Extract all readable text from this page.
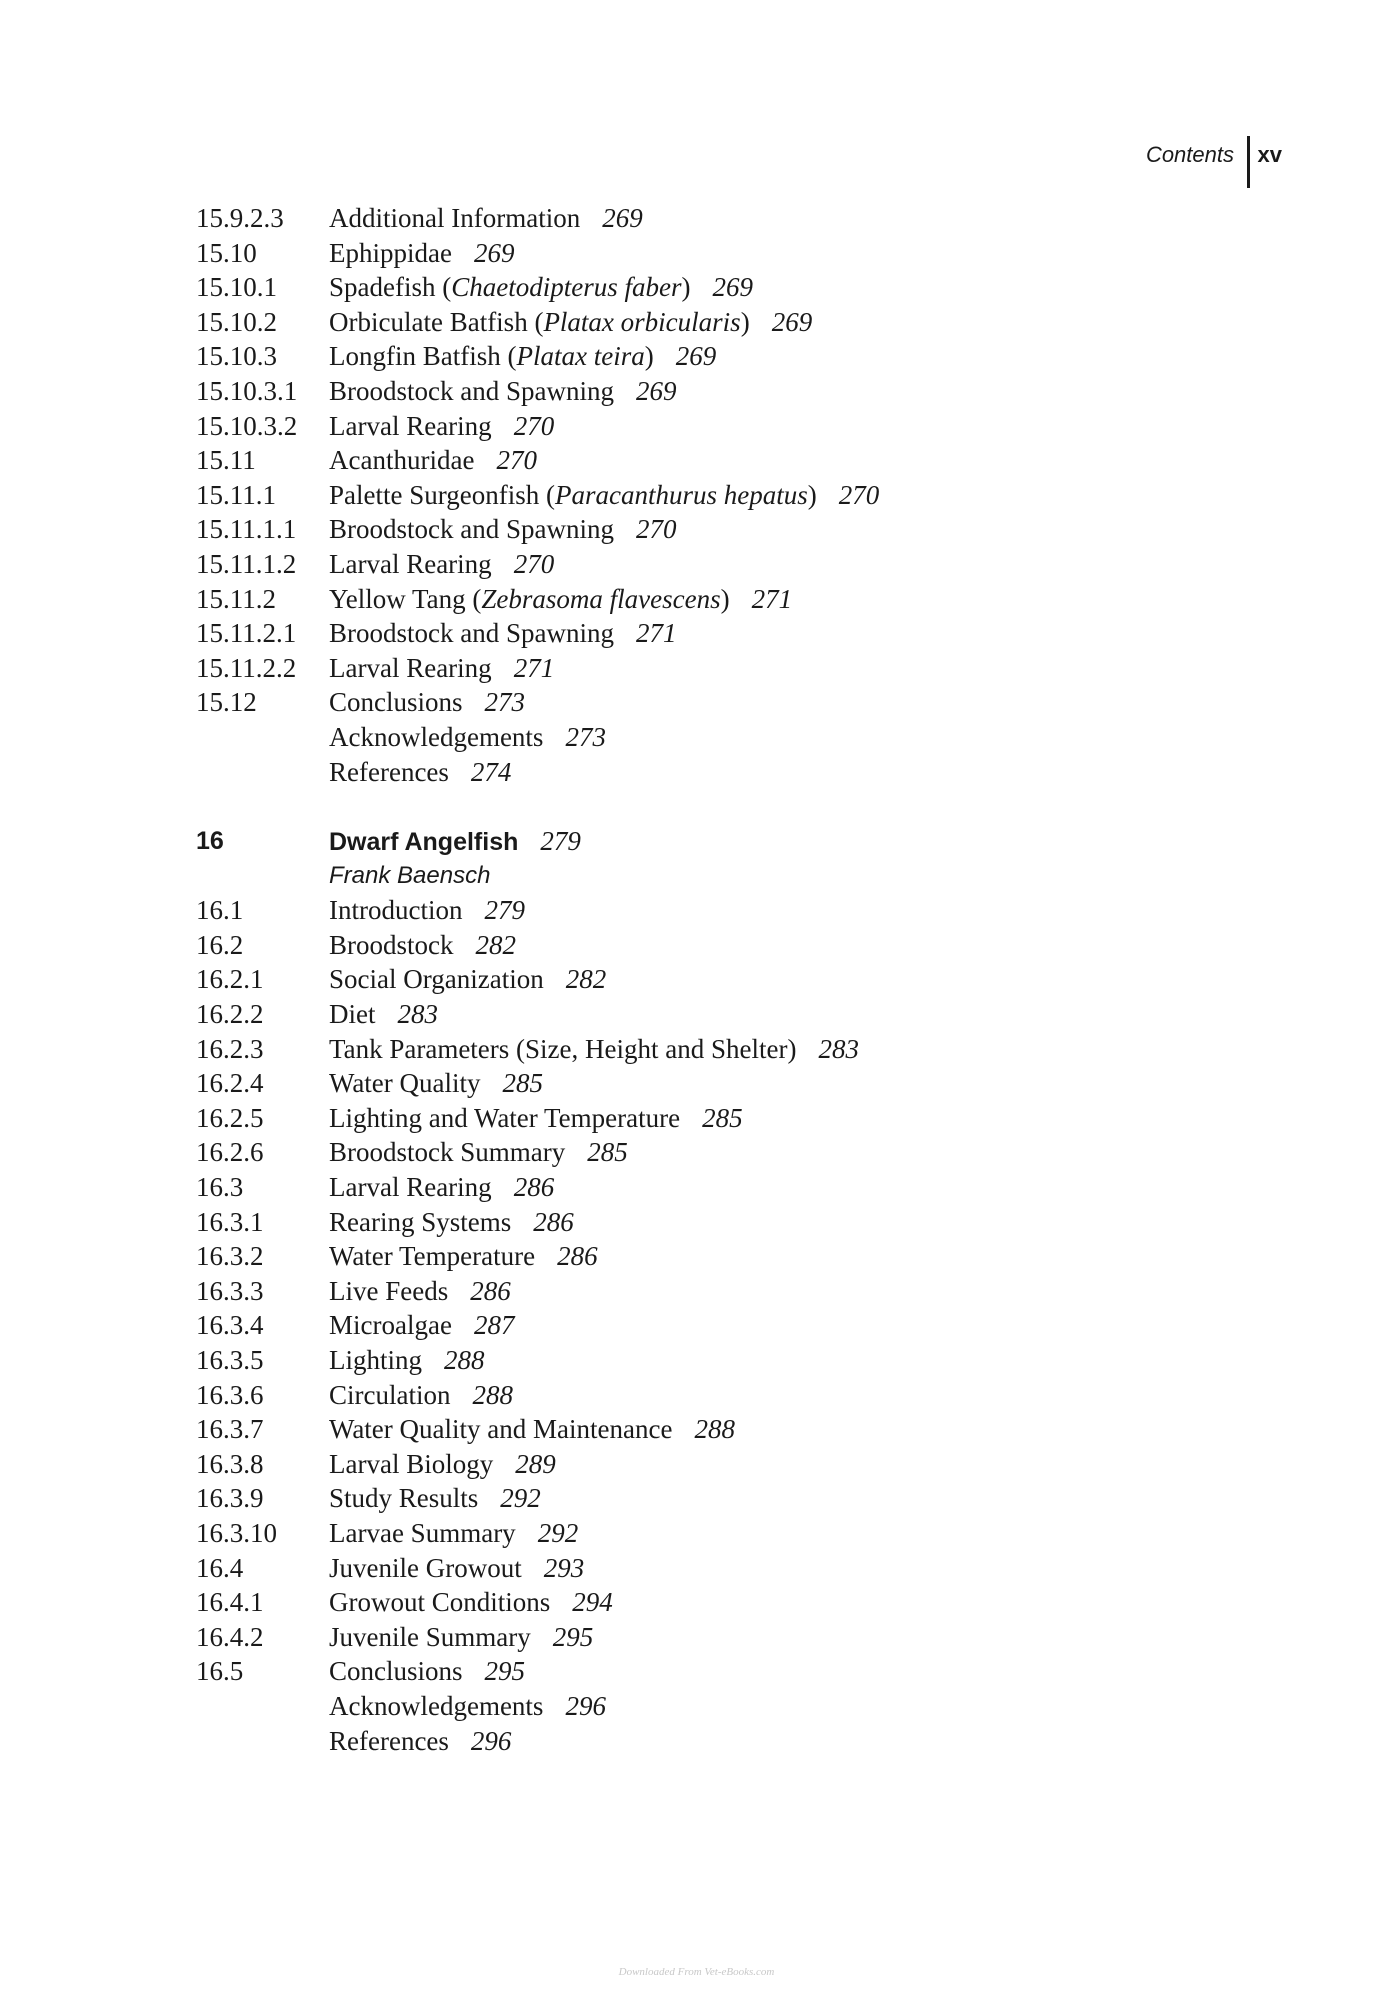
Contents xv
15.9.2.3 Additional Information 269
15.10	Ephippidae 269
15.10.1 Spadefish (Chaetodipterus faber) 269
15.10.2 Orbiculate Batfish (Platax orbicularis) 269
15.10.3 Longfin Batfish (Platax teira) 269
15.10.3.1 Broodstock and Spawning 269
15.10.3.2 Larval Rearing 270
15.11	Acanthuridae 270
15.11.1 Palette Surgeonfish (Paracanthurus hepatus) 270
15.11.1.1 Broodstock and Spawning 270
15.11.1.2 Larval Rearing 270
15.11.2 Yellow Tang (Zebrasoma flavescens) 271
15.11.2.1 Broodstock and Spawning 271
15.11.2.2 Larval Rearing 271
15.12	Conclusions 273
Acknowledgements 273
References 274
16	Dwarf Angelfish 279
Frank Baensch
16.1	Introduction 279
16.2	Broodstock 282
16.2.1 Social Organization 282
16.2.2 Diet 283
16.2.3 Tank Parameters (Size, Height and Shelter) 283
16.2.4 Water Quality 285
16.2.5 Lighting and Water Temperature 285
16.2.6 Broodstock Summary 285
16.3	Larval Rearing 286
16.3.1 Rearing Systems 286
16.3.2 Water Temperature 286
16.3.3 Live Feeds 286
16.3.4 Microalgae 287
16.3.5 Lighting 288
16.3.6 Circulation 288
16.3.7 Water Quality and Maintenance 288
16.3.8 Larval Biology 289
16.3.9 Study Results 292
16.3.10 Larvae Summary 292
16.4	Juvenile Growout 293
16.4.1 Growout Conditions 294
16.4.2 Juvenile Summary 295
16.5	Conclusions 295
Acknowledgements 296
References 296
Downloaded From Vet-eBooks.com
